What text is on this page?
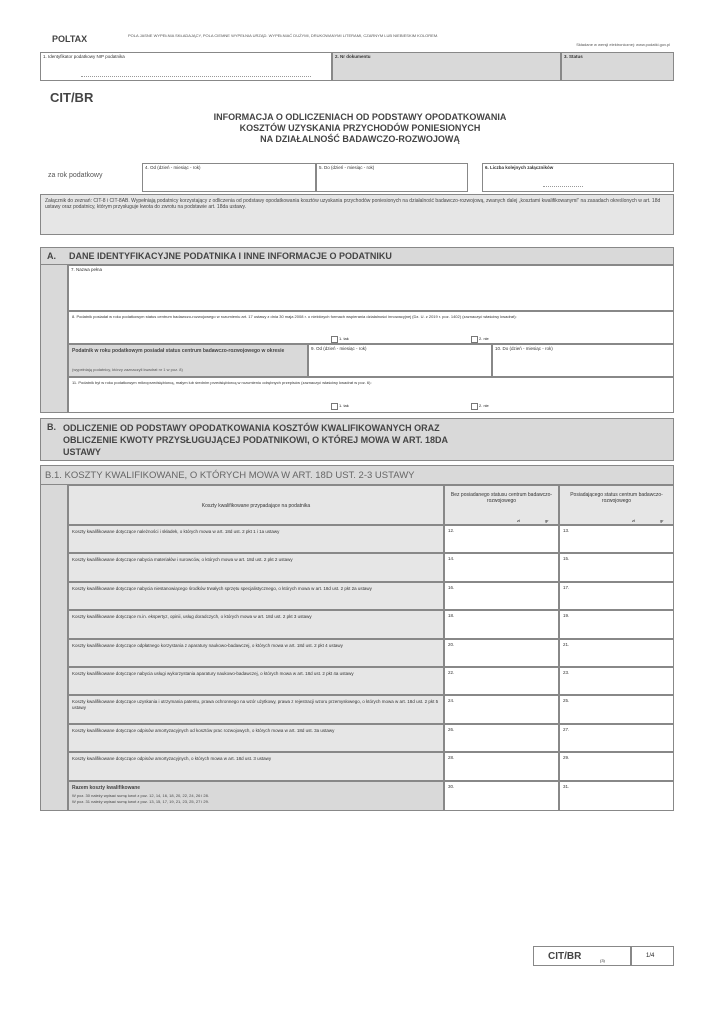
POLTAX	POLA JASNE WYPEŁNIA SKŁADAJĄCY, POLA CIEMNE WYPEŁNIA URZĄD. WYPEŁNIAĆ DUŻYMI, DRUKOWANYMI LITERAMI, CZARNYM LUB NIEBIESKIM KOLOREM.
Składane w wersji elektronicznej: www.podatki.gov.pl
1. Identyfikator podatkowy NIP podatnika	2. Nr dokumentu	3. Status
CIT/BR
INFORMACJA O ODLICZENIACH OD PODSTAWY OPODATKOWANIA
KOSZTÓW UZYSKANIA PRZYCHODÓW PONIESIONYCH
NA DZIAŁALNOŚĆ BADAWCZO-ROZWOJOWĄ
za rok podatkowy
4. Od (dzień - miesiąc - rok)	5. Do (dzień - miesiąc - rok)	6. Liczba kolejnych załączników
Załącznik do zeznań: CIT-8 i CIT-8AB. Wypełniają podatnicy korzystający z odliczenia od podstawy opodatkowania kosztów uzyskania przychodów poniesionych na działalność badawczo-rozwojową, zwanych dalej „kosztami kwalifikowanymi” na zasadach określonych w art. 18d ustawy oraz podatnicy, którym przysługuje kwota do zwrotu na podstawie art. 18da ustawy.
A. DANE IDENTYFIKACYJNE PODATNIKA I INNE INFORMACJE O PODATNIKU
7. Nazwa pełna
8. Podatnik posiadał w roku podatkowym status centrum badawczo-rozwojowego w rozumieniu art. 17 ustawy z dnia 30 maja 2008 r. o niektórych formach wspierania działalności innowacyjnej (Dz. U. z 2019 r. poz. 1402) (zaznaczyć właściwy kwadrat):
1. tak	2. nie
Podatnik w roku podatkowym posiadał status centrum badawczo-rozwojowego w okresie
(wypełniają podatnicy, którzy zaznaczyli kwadrat nr 1 w poz. 8)
9. Od (dzień - miesiąc - rok)	10. Do (dzień - miesiąc - rok)
11. Podatnik był w roku podatkowym mikroprzedsiębiorcą, małym lub średnim przedsiębiorcą w rozumieniu odrębnych przepisów (zaznaczyć właściwy kwadrat w poz. 6):
1. tak	2. nie
B. ODLICZENIE OD PODSTAWY OPODATKOWANIA KOSZTÓW KWALIFIKOWANYCH ORAZ
OBLICZENIE KWOTY PRZYSŁUGUJĄCEJ PODATNIKOWI, O KTÓREJ MOWA W ART. 18DA
USTAWY
B.1. KOSZTY KWALIFIKOWANE, O KTÓRYCH MOWA W ART. 18D UST. 2-3 USTAWY
Koszty kwalifikowane przypadające na podatnika
Bez posiadanego statusu centrum badawczo-rozwojowego
zł	gr
Posiadającego status centrum badawczo-rozwojowego
zł	gr
Koszty kwalifikowane dotyczące należności i składek, o których mowa w art. 18d ust. 2 pkt 1 i 1a ustawy	12.	13.
Koszty kwalifikowane dotyczące nabycia materiałów i surowców, o których mowa w art. 18d ust. 2 pkt 2 ustawy	14.	15.
Koszty kwalifikowane dotyczące nabycia niestanowiącego środków trwałych sprzętu specjalistycznego, o których mowa w art. 18d ust. 2 pkt 2a ustawy	16.	17.
Koszty kwalifikowane dotyczące m.in. ekspertyz, opinii, usług doradczych, o których mowa w art. 18d ust. 2 pkt 3 ustawy	18.	19.
Koszty kwalifikowane dotyczące odpłatnego korzystania z aparatury naukowo-badawczej, o których mowa w art. 18d ust. 2 pkt 4 ustawy	20.	21.
Koszty kwalifikowane dotyczące nabycia usługi wykorzystania aparatury naukowo-badawczej, o których mowa w art. 18d ust. 2 pkt 4a ustawy	22.	23.
Koszty kwalifikowane dotyczące uzyskania i utrzymania patentu, prawa ochronnego na wzór użytkowy, prawa z rejestracji wzoru przemysłowego, o których mowa w art. 18d ust. 2 pkt 5 ustawy
24.	25.
Koszty kwalifikowane dotyczące odpisów amortyzacyjnych od kosztów prac rozwojowych, o których mowa w art. 18d ust. 3a ustawy	26.	27.
Koszty kwalifikowane dotyczące odpisów amortyzacyjnych, o których mowa w art. 18d ust. 3 ustawy	28.	29.
Razem koszty kwalifikowane
W poz. 30 należy wpisać sumę kwot z poz. 12, 14, 16, 18, 20, 22, 24, 26 i 28.
W poz. 31 należy wpisać sumę kwot z poz. 13, 15, 17, 19, 21, 23, 25, 27 i 29.
30.	31.
CIT/BR	(3)
1/4
